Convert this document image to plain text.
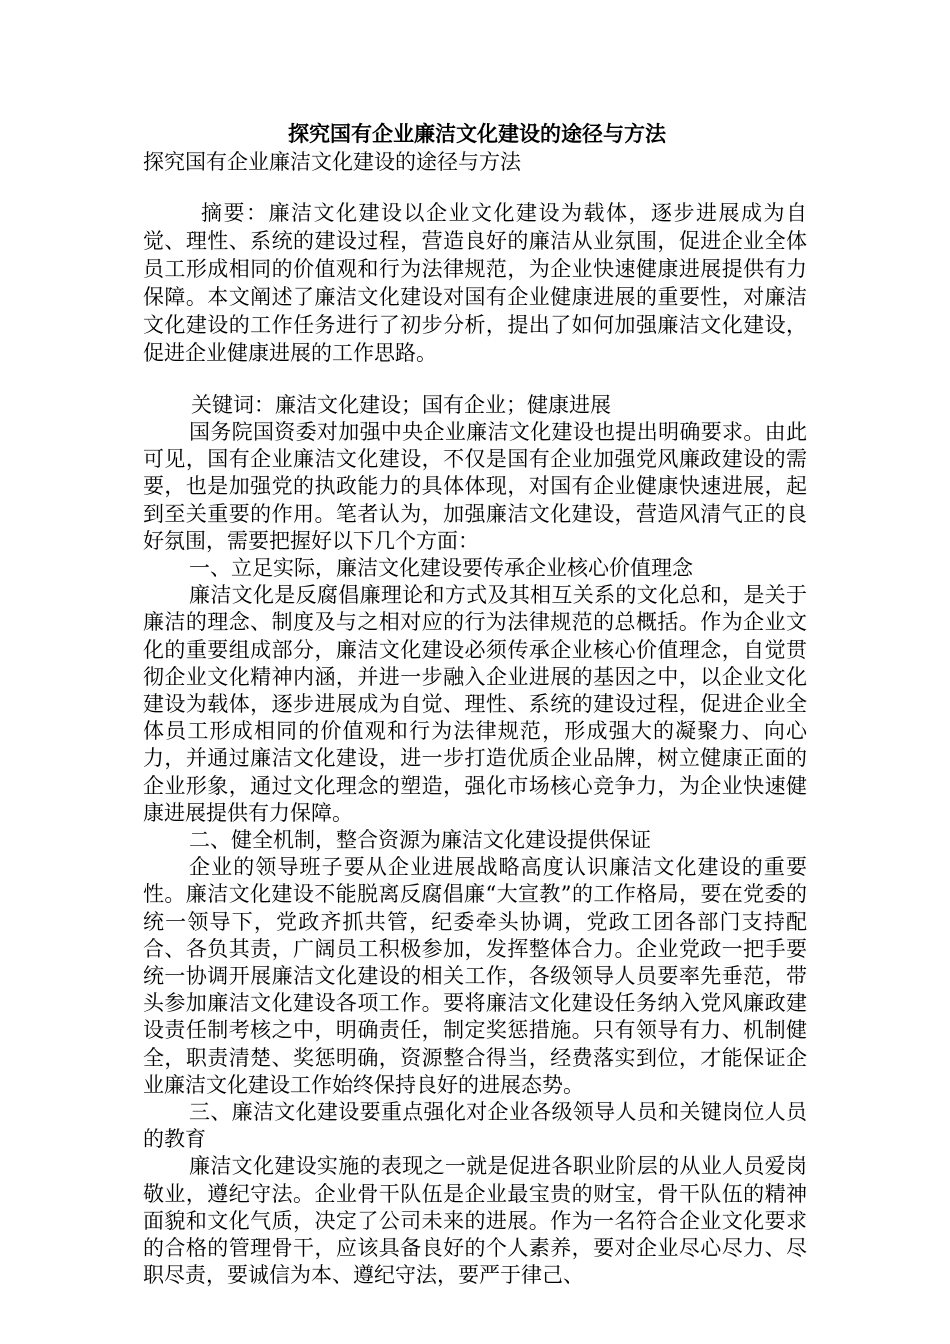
探究国有企业廉洁文化建设的途径与方法

探究国有企业廉洁文化建设的途径与方法

摘要：廉洁文化建设以企业文化建设为载体，逐步进展成为自觉、理性、系统的建设过程，营造良好的廉洁从业氛围，促进企业全体员工形成相同的价值观和行为法律规范，为企业快速健康进展提供有力保障。本文阐述了廉洁文化建设对国有企业健康进展的重要性，对廉洁文化建设的工作任务进行了初步分析，提出了如何加强廉洁文化建设，促进企业健康进展的工作思路。

关键词：廉洁文化建设；国有企业；健康进展

国务院国资委对加强中央企业廉洁文化建设也提出明确要求。由此可见，国有企业廉洁文化建设，不仅是国有企业加强党风廉政建设的需要，也是加强党的执政能力的具体体现，对国有企业健康快速进展，起到至关重要的作用。笔者认为，加强廉洁文化建设，营造风清气正的良好氛围，需要把握好以下几个方面：

一、立足实际，廉洁文化建设要传承企业核心价值理念

廉洁文化是反腐倡廉理论和方式及其相互关系的文化总和，是关于廉洁的理念、制度及与之相对应的行为法律规范的总概括。作为企业文化的重要组成部分，廉洁文化建设必须传承企业核心价值理念，自觉贯彻企业文化精神内涵，并进一步融入企业进展的基因之中，以企业文化建设为载体，逐步进展成为自觉、理性、系统的建设过程，促进企业全体员工形成相同的价值观和行为法律规范，形成强大的凝聚力、向心力，并通过廉洁文化建设，进一步打造优质企业品牌，树立健康正面的企业形象，通过文化理念的塑造，强化市场核心竞争力，为企业快速健康进展提供有力保障。

二、健全机制，整合资源为廉洁文化建设提供保证

企业的领导班子要从企业进展战略高度认识廉洁文化建设的重要性。廉洁文化建设不能脱离反腐倡廉“大宣教”的工作格局，要在党委的统一领导下，党政齐抓共管，纪委牵头协调，党政工团各部门支持配合、各负其责，广阔员工积极参加，发挥整体合力。企业党政一把手要统一协调开展廉洁文化建设的相关工作，各级领导人员要率先垂范，带头参加廉洁文化建设各项工作。要将廉洁文化建设任务纳入党风廉政建设责任制考核之中，明确责任，制定奖惩措施。只有领导有力、机制健全，职责清楚、奖惩明确，资源整合得当，经费落实到位，才能保证企业廉洁文化建设工作始终保持良好的进展态势。

三、廉洁文化建设要重点强化对企业各级领导人员和关键岗位人员的教育

廉洁文化建设实施的表现之一就是促进各职业阶层的从业人员爱岗敬业，遵纪守法。企业骨干队伍是企业最宝贵的财宝，骨干队伍的精神面貌和文化气质，决定了公司未来的进展。作为一名符合企业文化要求的合格的管理骨干，应该具备良好的个人素养，要对企业尽心尽力、尽职尽责，要诚信为本、遵纪守法，要严于律己、
